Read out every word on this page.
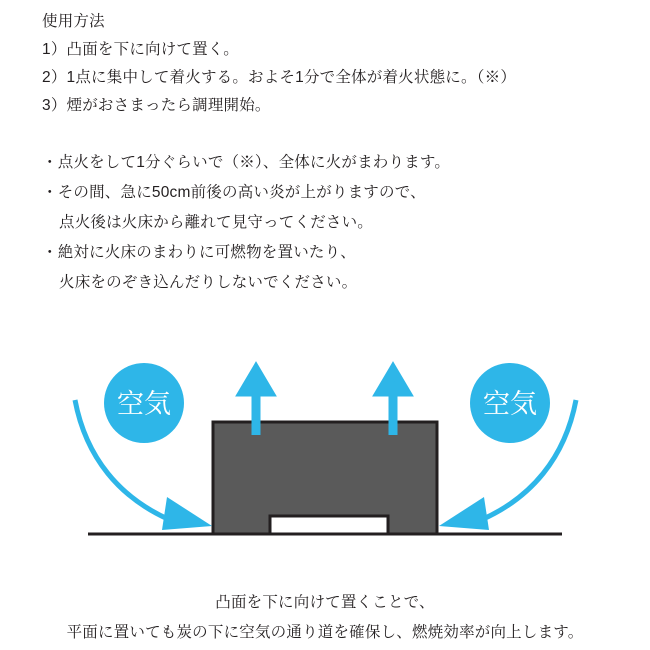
使用方法
1）凸面を下に向けて置く。
2）1点に集中して着火する。およそ1分で全体が着火状態に。（※）
3）煙がおさまったら調理開始。
・点火をして1分ぐらいで（※）、全体に火がまわります。
・その間、急に50cm前後の高い炎が上がりますので、
点火後は火床から離れて見守ってください。
・絶対に火床のまわりに可燃物を置いたり、
火床をのぞき込んだりしないでください。
空気	空気
凸面を下に向けて置くことで、
平面に置いても炭の下に空気の通り道を確保し、燃焼効率が向上します。
